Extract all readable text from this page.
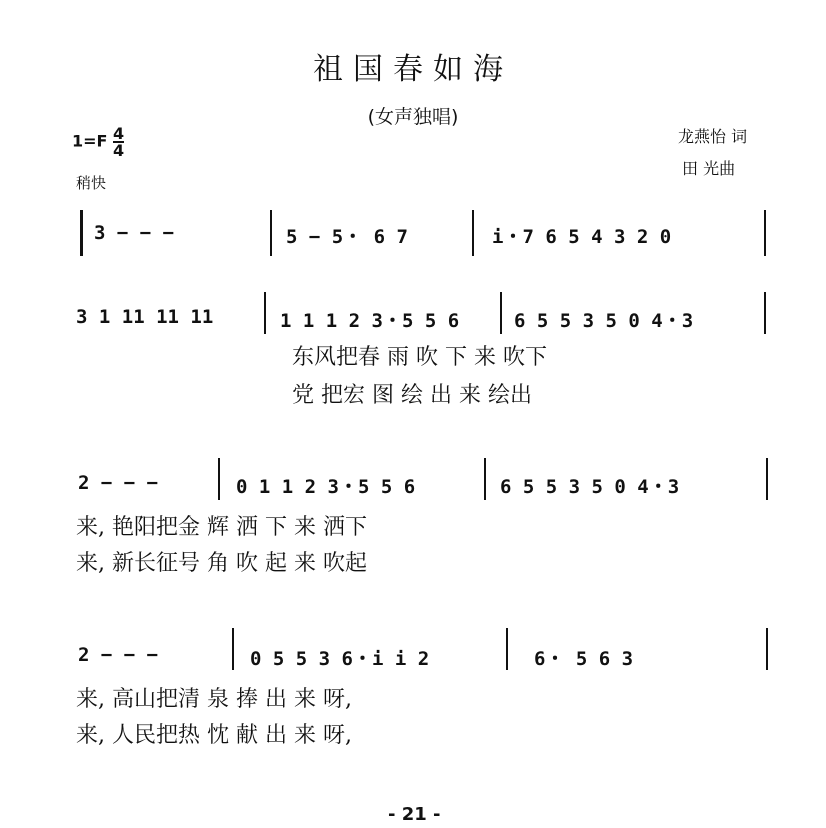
祖国春如海
(女声独唱)
$1=F \frac{4}{4}$
稍快
龙燕怡 词
田 光曲
3 − − −	5 − 5・ 6 7	i・7 6 5 4 3 2 0
3 1 11 11 11	1 1 1 2 3・5 5 6	6 5 5 3 5 0 4・3
东风把春 雨 吹 下 来 吹下
党 把宏 图 绘 出 来 绘出
2 − − −	0 1 1 2 3・5 5 6	6 5 5 3 5 0 4・3
来, 艳阳把金 辉 洒 下 来 洒下
来, 新长征号 角 吹 起 来 吹起
2 − − −	0 5 5 3 6・i i 2	6・ 5 6 3
来, 高山把清 泉 捧 出 来 呀,
来, 人民把热 忱 献 出 来 呀,
- 21 -
